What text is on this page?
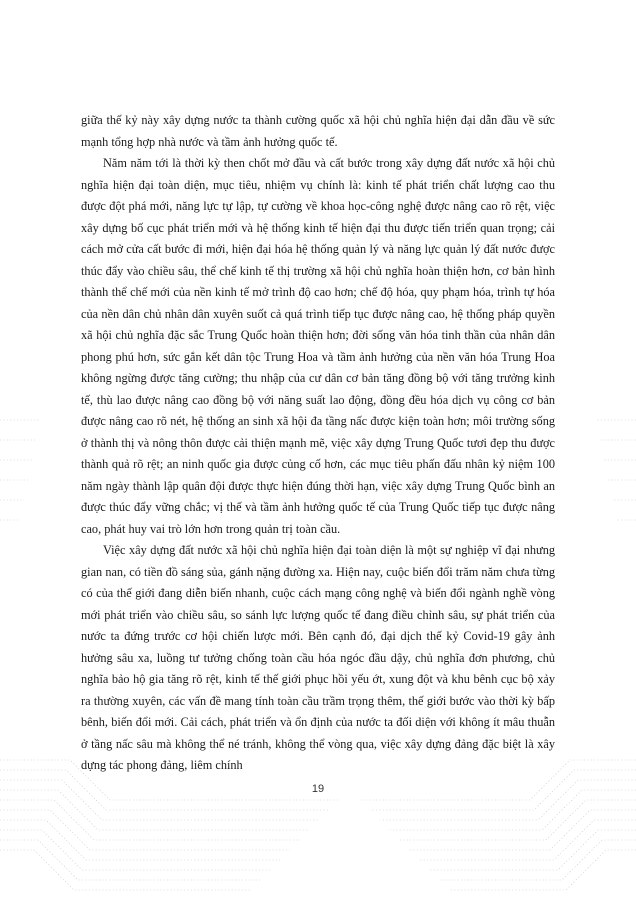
giữa thế kỷ này xây dựng nước ta thành cường quốc xã hội chủ nghĩa hiện đại dẫn đầu về sức mạnh tổng hợp nhà nước và tầm ảnh hưởng quốc tế.

Năm năm tới là thời kỳ then chốt mở đầu và cất bước trong xây dựng đất nước xã hội chủ nghĩa hiện đại toàn diện, mục tiêu, nhiệm vụ chính là: kinh tế phát triển chất lượng cao thu được đột phá mới, năng lực tự lập, tự cường về khoa học-công nghệ được nâng cao rõ rệt, việc xây dựng bố cục phát triển mới và hệ thống kinh tế hiện đại thu được tiến triển quan trọng; cải cách mở cửa cất bước đi mới, hiện đại hóa hệ thống quản lý và năng lực quản lý đất nước được thúc đẩy vào chiều sâu, thể chế kinh tế thị trường xã hội chủ nghĩa hoàn thiện hơn, cơ bản hình thành thể chế mới của nền kinh tế mở trình độ cao hơn; chế độ hóa, quy phạm hóa, trình tự hóa của nền dân chủ nhân dân xuyên suốt cả quá trình tiếp tục được nâng cao, hệ thống pháp quyền xã hội chủ nghĩa đặc sắc Trung Quốc hoàn thiện hơn; đời sống văn hóa tinh thần của nhân dân phong phú hơn, sức gắn kết dân tộc Trung Hoa và tầm ảnh hưởng của nền văn hóa Trung Hoa không ngừng được tăng cường; thu nhập của cư dân cơ bản tăng đồng bộ với tăng trưởng kinh tế, thù lao được nâng cao đồng bộ với năng suất lao động, đồng đều hóa dịch vụ công cơ bản được nâng cao rõ nét, hệ thống an sinh xã hội đa tầng nấc được kiện toàn hơn; môi trường sống ở thành thị và nông thôn được cải thiện mạnh mẽ, việc xây dựng Trung Quốc tươi đẹp thu được thành quả rõ rệt; an ninh quốc gia được củng cố hơn, các mục tiêu phấn đấu nhân kỷ niệm 100 năm ngày thành lập quân đội được thực hiện đúng thời hạn, việc xây dựng Trung Quốc bình an được thúc đẩy vững chắc; vị thế và tầm ảnh hưởng quốc tế của Trung Quốc tiếp tục được nâng cao, phát huy vai trò lớn hơn trong quản trị toàn cầu.

Việc xây dựng đất nước xã hội chủ nghĩa hiện đại toàn diện là một sự nghiệp vĩ đại nhưng gian nan, có tiền đồ sáng sủa, gánh nặng đường xa. Hiện nay, cuộc biến đổi trăm năm chưa từng có của thế giới đang diễn biến nhanh, cuộc cách mạng công nghệ và biến đổi ngành nghề vòng mới phát triển vào chiều sâu, so sánh lực lượng quốc tế đang điều chỉnh sâu, sự phát triển của nước ta đứng trước cơ hội chiến lược mới. Bên cạnh đó, đại dịch thế kỷ Covid-19 gây ảnh hưởng sâu xa, luồng tư tưởng chống toàn cầu hóa ngóc đầu dậy, chủ nghĩa đơn phương, chủ nghĩa bảo hộ gia tăng rõ rệt, kinh tế thế giới phục hồi yếu ớt, xung đột và khu bênh cục bộ xảy ra thường xuyên, các vấn đề mang tính toàn cầu trầm trọng thêm, thế giới bước vào thời kỳ bấp bênh, biến đổi mới. Cải cách, phát triển và ổn định của nước ta đối diện với không ít mâu thuẫn ở tầng nấc sâu mà không thể né tránh, không thể vòng qua, việc xây dựng đảng đặc biệt là xây dựng tác phong đảng, liêm chính

19
